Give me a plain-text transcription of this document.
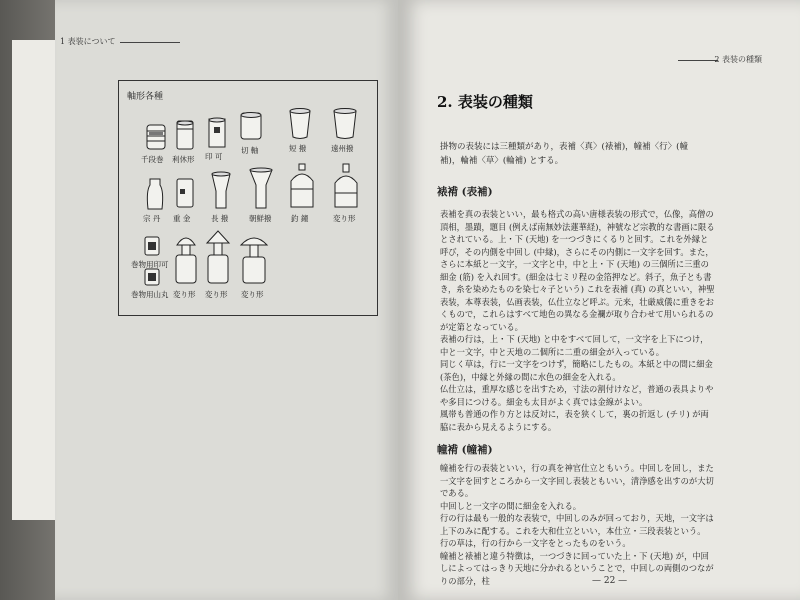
1 表装について
軸形各種
千段巻 利休形 印 可
切 軸	短 撥	遠州撥
宗 丹 重 金	長 撥	朝鮮撥	釣 鐘	変り形
巻物用印可
巻物用山丸 変り形 変り形 変り形
2 表装の種類
2. 表装の種類
掛物の表装には三種類があり，表補〈真〉(裱補)，幢補〈行〉(幢補)，輪補〈草〉(輪補) とする。
裱褙 (表補)

表補を真の表装といい，最も格式の高い唐様表装の形式で，仏像，高僧の頂相，墨蹟，題目 (例えば南無妙法蓮華経)，神號など宗教的な書画に限るとされている。上・下 (天地) を一つづきにくるりと回す。これを外縁と呼び，その内側を中回し (中縁)，さらにその内側に一文字を回す。また，さらに本紙と一文字，一文字と中，中と上・下 (天地) の三個所に三重の細金 (筋) を入れ回す。(細金は七ミリ程の金箔押など。斜子，魚子とも書き，糸を染めたものを染七々子という) これを表補 (真) の真といい，神聖表装，本尊表装，仏画表装，仏仕立など呼ぶ。元来，壮厳威儀に重きをおくもので，これらはすべて地色の異なる金襴が取り合わせて用いられるのが定第となっている。

表補の行は，上・下 (天地) と中をすべて回して，一文字を上下につけ，中と一文字，中と天地の二個所に二重の細金が入っている。

同じく草は，行に一文字をつけず，簡略にしたもの。本紙と中の間に細金 (茶色)，中縁と外縁の間に水色の細金を入れる。

仏仕立は，重厚な感じを出すため，寸法の割付けなど，普通の表具よりやや多目につける。細金も太目がよく真では金線がよい。

風帯も普通の作り方とは反対に，表を狭くして，裏の折返し (チリ) が両脇に表から見えるようにする。

幢褙 (幢補)

幢補を行の表装といい，行の真を神官仕立ともいう。中回しを回し，また一文字を回すところから一文字回し表装ともいい，清浄感を出すのが大切である。

中回しと一文字の間に細金を入れる。

行の行は最も一般的な表装で，中回しのみが回っており，天地，一文字は上下のみに配する。これを大和仕立といい，本仕立・三段表装という。

行の草は，行の行から一文字をとったものをいう。

幢補と裱補と違う特徴は，一つづきに回っていた上・下 (天地) が，中回しによってはっきり天地に分かれるということで，中回しの両側のつながりの部分，柱	— 22 —
